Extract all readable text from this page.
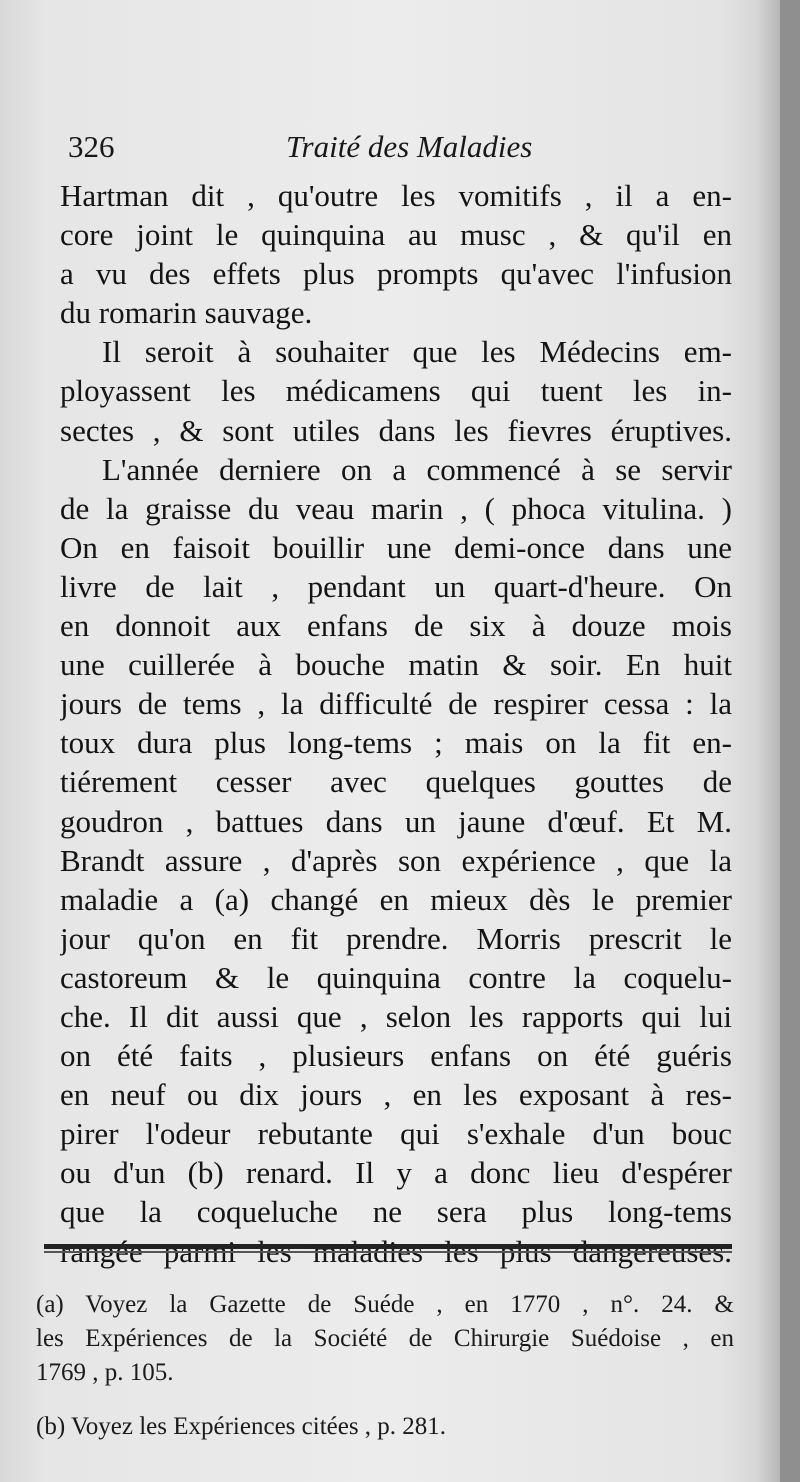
326	Traité des Maladies
Hartman dit , qu'outre les vomitifs , il a en-
core joint le quinquina au musc , & qu'il en
a vu des effets plus prompts qu'avec l'infusion
du romarin sauvage.
Il seroit à souhaiter que les Médecins em-
ployassent les médicamens qui tuent les in-
sectes , & sont utiles dans les fievres éruptives.
L'année derniere on a commencé à se servir
de la graisse du veau marin , ( phoca vitulina. )
On en faisoit bouillir une demi-once dans une
livre de lait , pendant un quart-d'heure. On
en donnoit aux enfans de six à douze mois
une cuillerée à bouche matin & soir. En huit
jours de tems , la difficulté de respirer cessa : la
toux dura plus long-tems ; mais on la fit en-
tiérement cesser avec quelques gouttes de
goudron , battues dans un jaune d'œuf. Et M.
Brandt assure , d'après son expérience , que la
maladie a (a) changé en mieux dès le premier
jour qu'on en fit prendre. Morris prescrit le
castoreum & le quinquina contre la coquelu-
che. Il dit aussi que , selon les rapports qui lui
on été faits , plusieurs enfans on été guéris
en neuf ou dix jours , en les exposant à res-
pirer l'odeur rebutante qui s'exhale d'un bouc
ou d'un (b) renard. Il y a donc lieu d'espérer
que la coqueluche ne sera plus long-tems
(a) Voyez la Gazette de Suéde , en 1770 , n°. 24. &
les Expériences de la Société de Chirurgie Suédoise , en
1769 , p. 105.
(b) Voyez les Expériences citées , p. 281.
